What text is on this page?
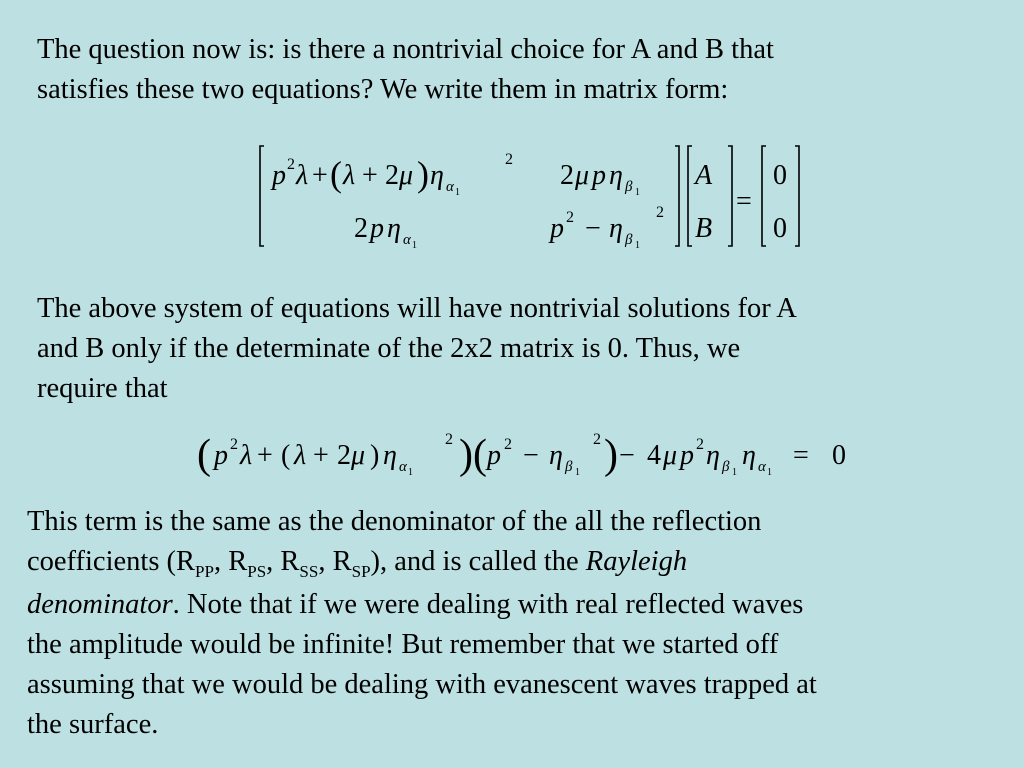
The question now is: is there a nontrivial choice for A and B that
satisfies these two equations? We write them in matrix form:

p 2 λ + ( λ + 2 μ ) η α 1
2
2 μ p η β 1
2 p η α 1
p 2 − η β 1
2
A
B
=
0
0

The above system of equations will have nontrivial solutions for A
and B only if the determinate of the 2x2 matrix is 0. Thus, we
require that

( p 2 λ + ( λ + 2 μ ) η α 1
2 ) ( p 2 − η β 1
2 ) − 4 μ p 2 η β 1
η α 1
= 0

This term is the same as the denominator of the all the reflection
coefficients ($R_{PP}$, $R_{PS}$, $R_{SS}$, $R_{SP}$), and is called the Rayleigh
denominator. Note that if we were dealing with real reflected waves
the amplitude would be infinite! But remember that we started off
assuming that we would be dealing with evanescent waves trapped at
the surface.
